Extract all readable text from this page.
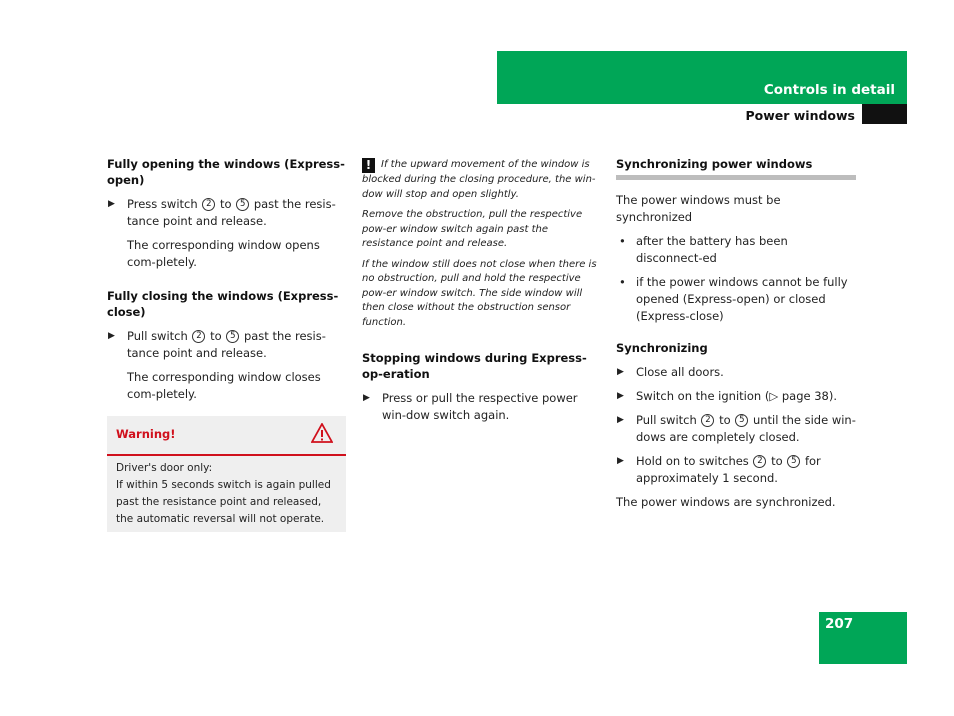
Controls in detail
Power windows
Fully opening the windows (Express-open)
▶ Press switch 2 to 5 past the resis-tance point and release.
The corresponding window opens com-pletely.
Fully closing the windows (Express-close)
▶ Pull switch 2 to 5 past the resis-tance point and release.
The corresponding window closes com-pletely.
Warning!
Driver's door only:
If within 5 seconds switch is again pulled past the resistance point and released, the automatic reversal will not operate.
! If the upward movement of the window is blocked during the closing procedure, the win-dow will stop and open slightly.
Remove the obstruction, pull the respective pow-er window switch again past the resistance point and release.
If the window still does not close when there is no obstruction, pull and hold the respective pow-er window switch. The side window will then close without the obstruction sensor function.
Stopping windows during Express-op-eration
▶ Press or pull the respective power win-dow switch again.
Synchronizing power windows
The power windows must be synchronized
• after the battery has been disconnect-ed
• if the power windows cannot be fully opened (Express-open) or closed (Express-close)
Synchronizing
▶ Close all doors.
▶ Switch on the ignition (▷ page 38).
▶ Pull switch 2 to 5 until the side win-dows are completely closed.
▶ Hold on to switches 2 to 5 for approximately 1 second.
The power windows are synchronized.
207
